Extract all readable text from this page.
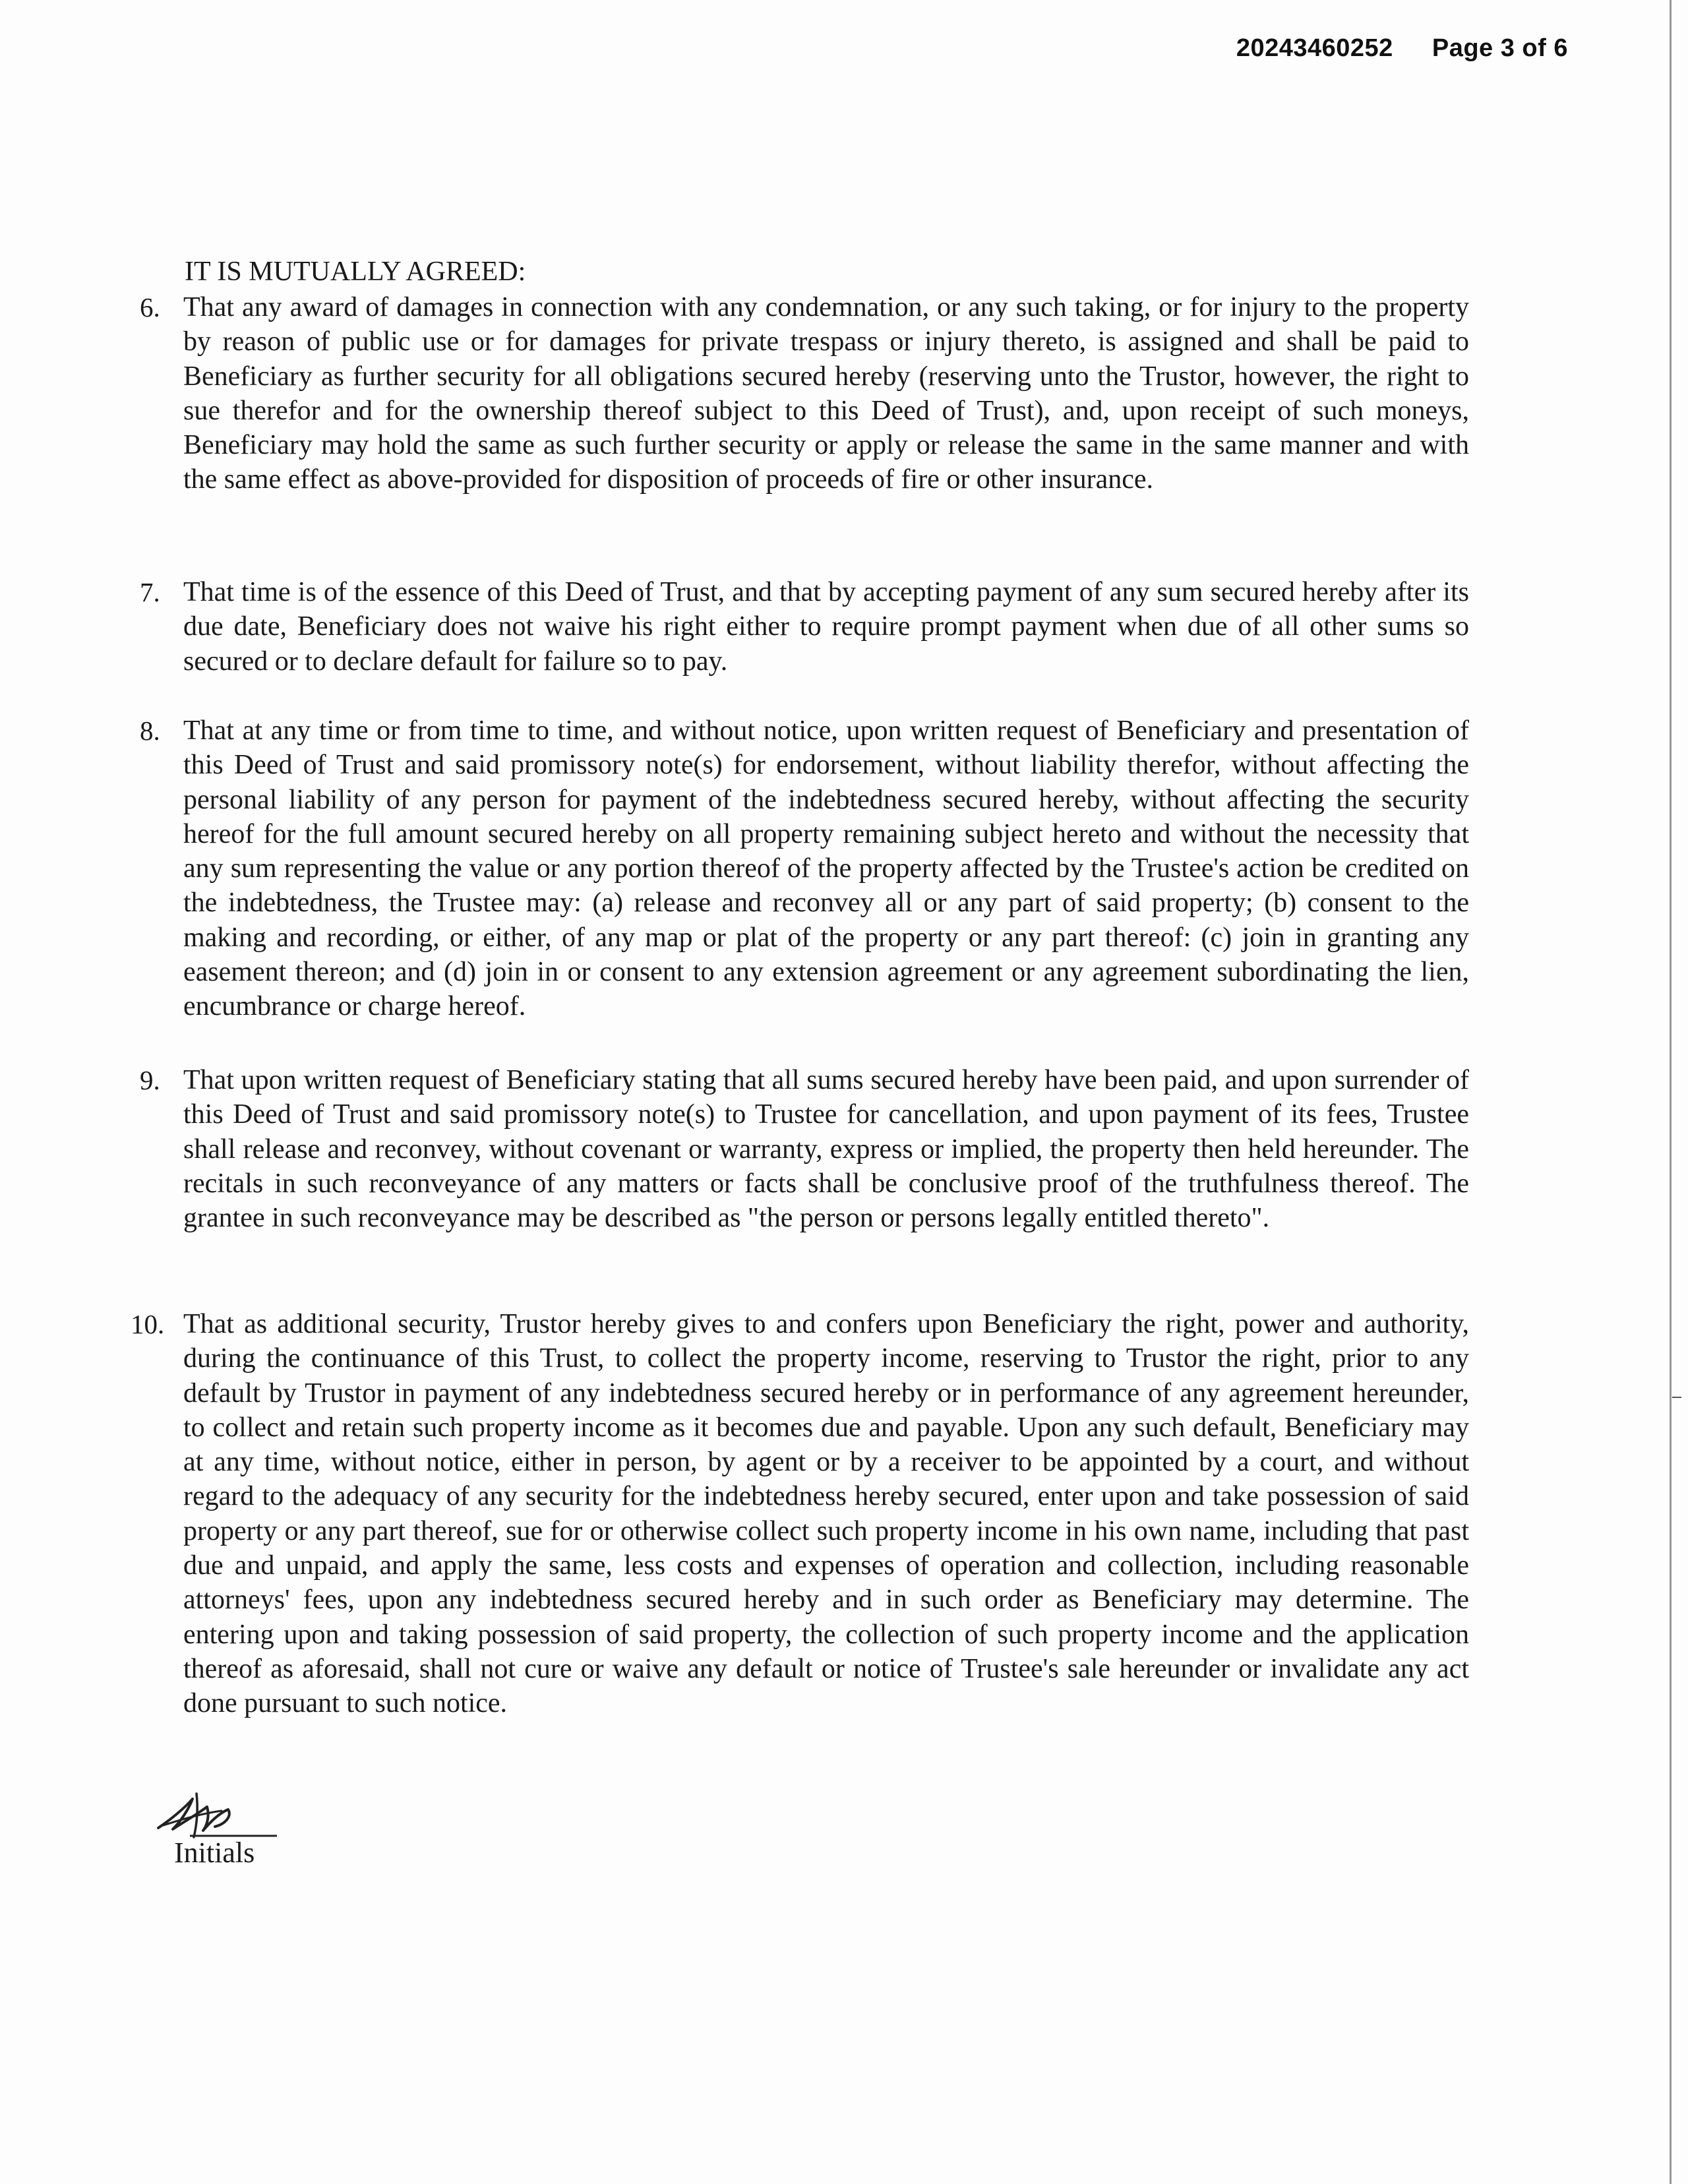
20243460252 Page 3 of 6
IT IS MUTUALLY AGREED:
6. That any award of damages in connection with any condemnation, or any such taking, or for injury to the property by reason of public use or for damages for private trespass or injury thereto, is assigned and shall be paid to Beneficiary as further security for all obligations secured hereby (reserving unto the Trustor, however, the right to sue therefor and for the ownership thereof subject to this Deed of Trust), and, upon receipt of such moneys, Beneficiary may hold the same as such further security or apply or release the same in the same manner and with the same effect as above-provided for disposition of proceeds of fire or other insurance.
7. That time is of the essence of this Deed of Trust, and that by accepting payment of any sum secured hereby after its due date, Beneficiary does not waive his right either to require prompt payment when due of all other sums so secured or to declare default for failure so to pay.
8. That at any time or from time to time, and without notice, upon written request of Beneficiary and presentation of this Deed of Trust and said promissory note(s) for endorsement, without liability therefor, without affecting the personal liability of any person for payment of the indebtedness secured hereby, without affecting the security hereof for the full amount secured hereby on all property remaining subject hereto and without the necessity that any sum representing the value or any portion thereof of the property affected by the Trustee's action be credited on the indebtedness, the Trustee may: (a) release and reconvey all or any part of said property; (b) consent to the making and recording, or either, of any map or plat of the property or any part thereof: (c) join in granting any easement thereon; and (d) join in or consent to any extension agreement or any agreement subordinating the lien, encumbrance or charge hereof.
9. That upon written request of Beneficiary stating that all sums secured hereby have been paid, and upon surrender of this Deed of Trust and said promissory note(s) to Trustee for cancellation, and upon payment of its fees, Trustee shall release and reconvey, without covenant or warranty, express or implied, the property then held hereunder. The recitals in such reconveyance of any matters or facts shall be conclusive proof of the truthfulness thereof. The grantee in such reconveyance may be described as "the person or persons legally entitled thereto".
10. That as additional security, Trustor hereby gives to and confers upon Beneficiary the right, power and authority, during the continuance of this Trust, to collect the property income, reserving to Trustor the right, prior to any default by Trustor in payment of any indebtedness secured hereby or in performance of any agreement hereunder, to collect and retain such property income as it becomes due and payable. Upon any such default, Beneficiary may at any time, without notice, either in person, by agent or by a receiver to be appointed by a court, and without regard to the adequacy of any security for the indebtedness hereby secured, enter upon and take possession of said property or any part thereof, sue for or otherwise collect such property income in his own name, including that past due and unpaid, and apply the same, less costs and expenses of operation and collection, including reasonable attorneys' fees, upon any indebtedness secured hereby and in such order as Beneficiary may determine. The entering upon and taking possession of said property, the collection of such property income and the application thereof as aforesaid, shall not cure or waive any default or notice of Trustee's sale hereunder or invalidate any act done pursuant to such notice.
Initials
